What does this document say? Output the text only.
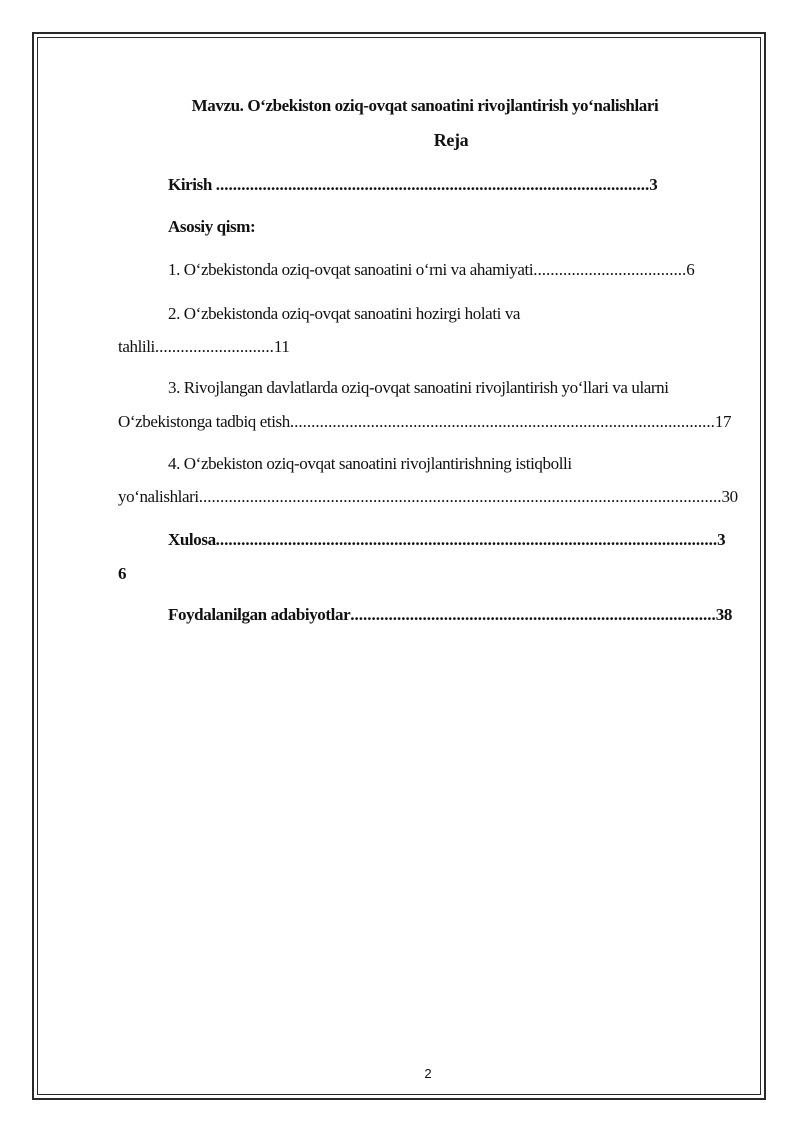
Mavzu. O‘zbekiston oziq-ovqat sanoatini rivojlantirish yo‘nalishlari
Reja
Kirish ......................................................................................................3
Asosiy qism:
1. O‘zbekistonda oziq-ovqat sanoatini o‘rni va ahamiyati....................................6
2. O‘zbekistonda oziq-ovqat sanoatini hozirgi holati va
tahlili............................11
3. Rivojlangan davlatlarda oziq-ovqat sanoatini rivojlantirish yo‘llari va ularni
O‘zbekistonga tadbiq etish....................................................................................................17
4. O‘zbekiston oziq-ovqat sanoatini rivojlantirishning istiqbolli
yo‘nalishlari...........................................................................................................................30
Xulosa......................................................................................................................3
6
Foydalanilgan adabiyotlar......................................................................................38
2
